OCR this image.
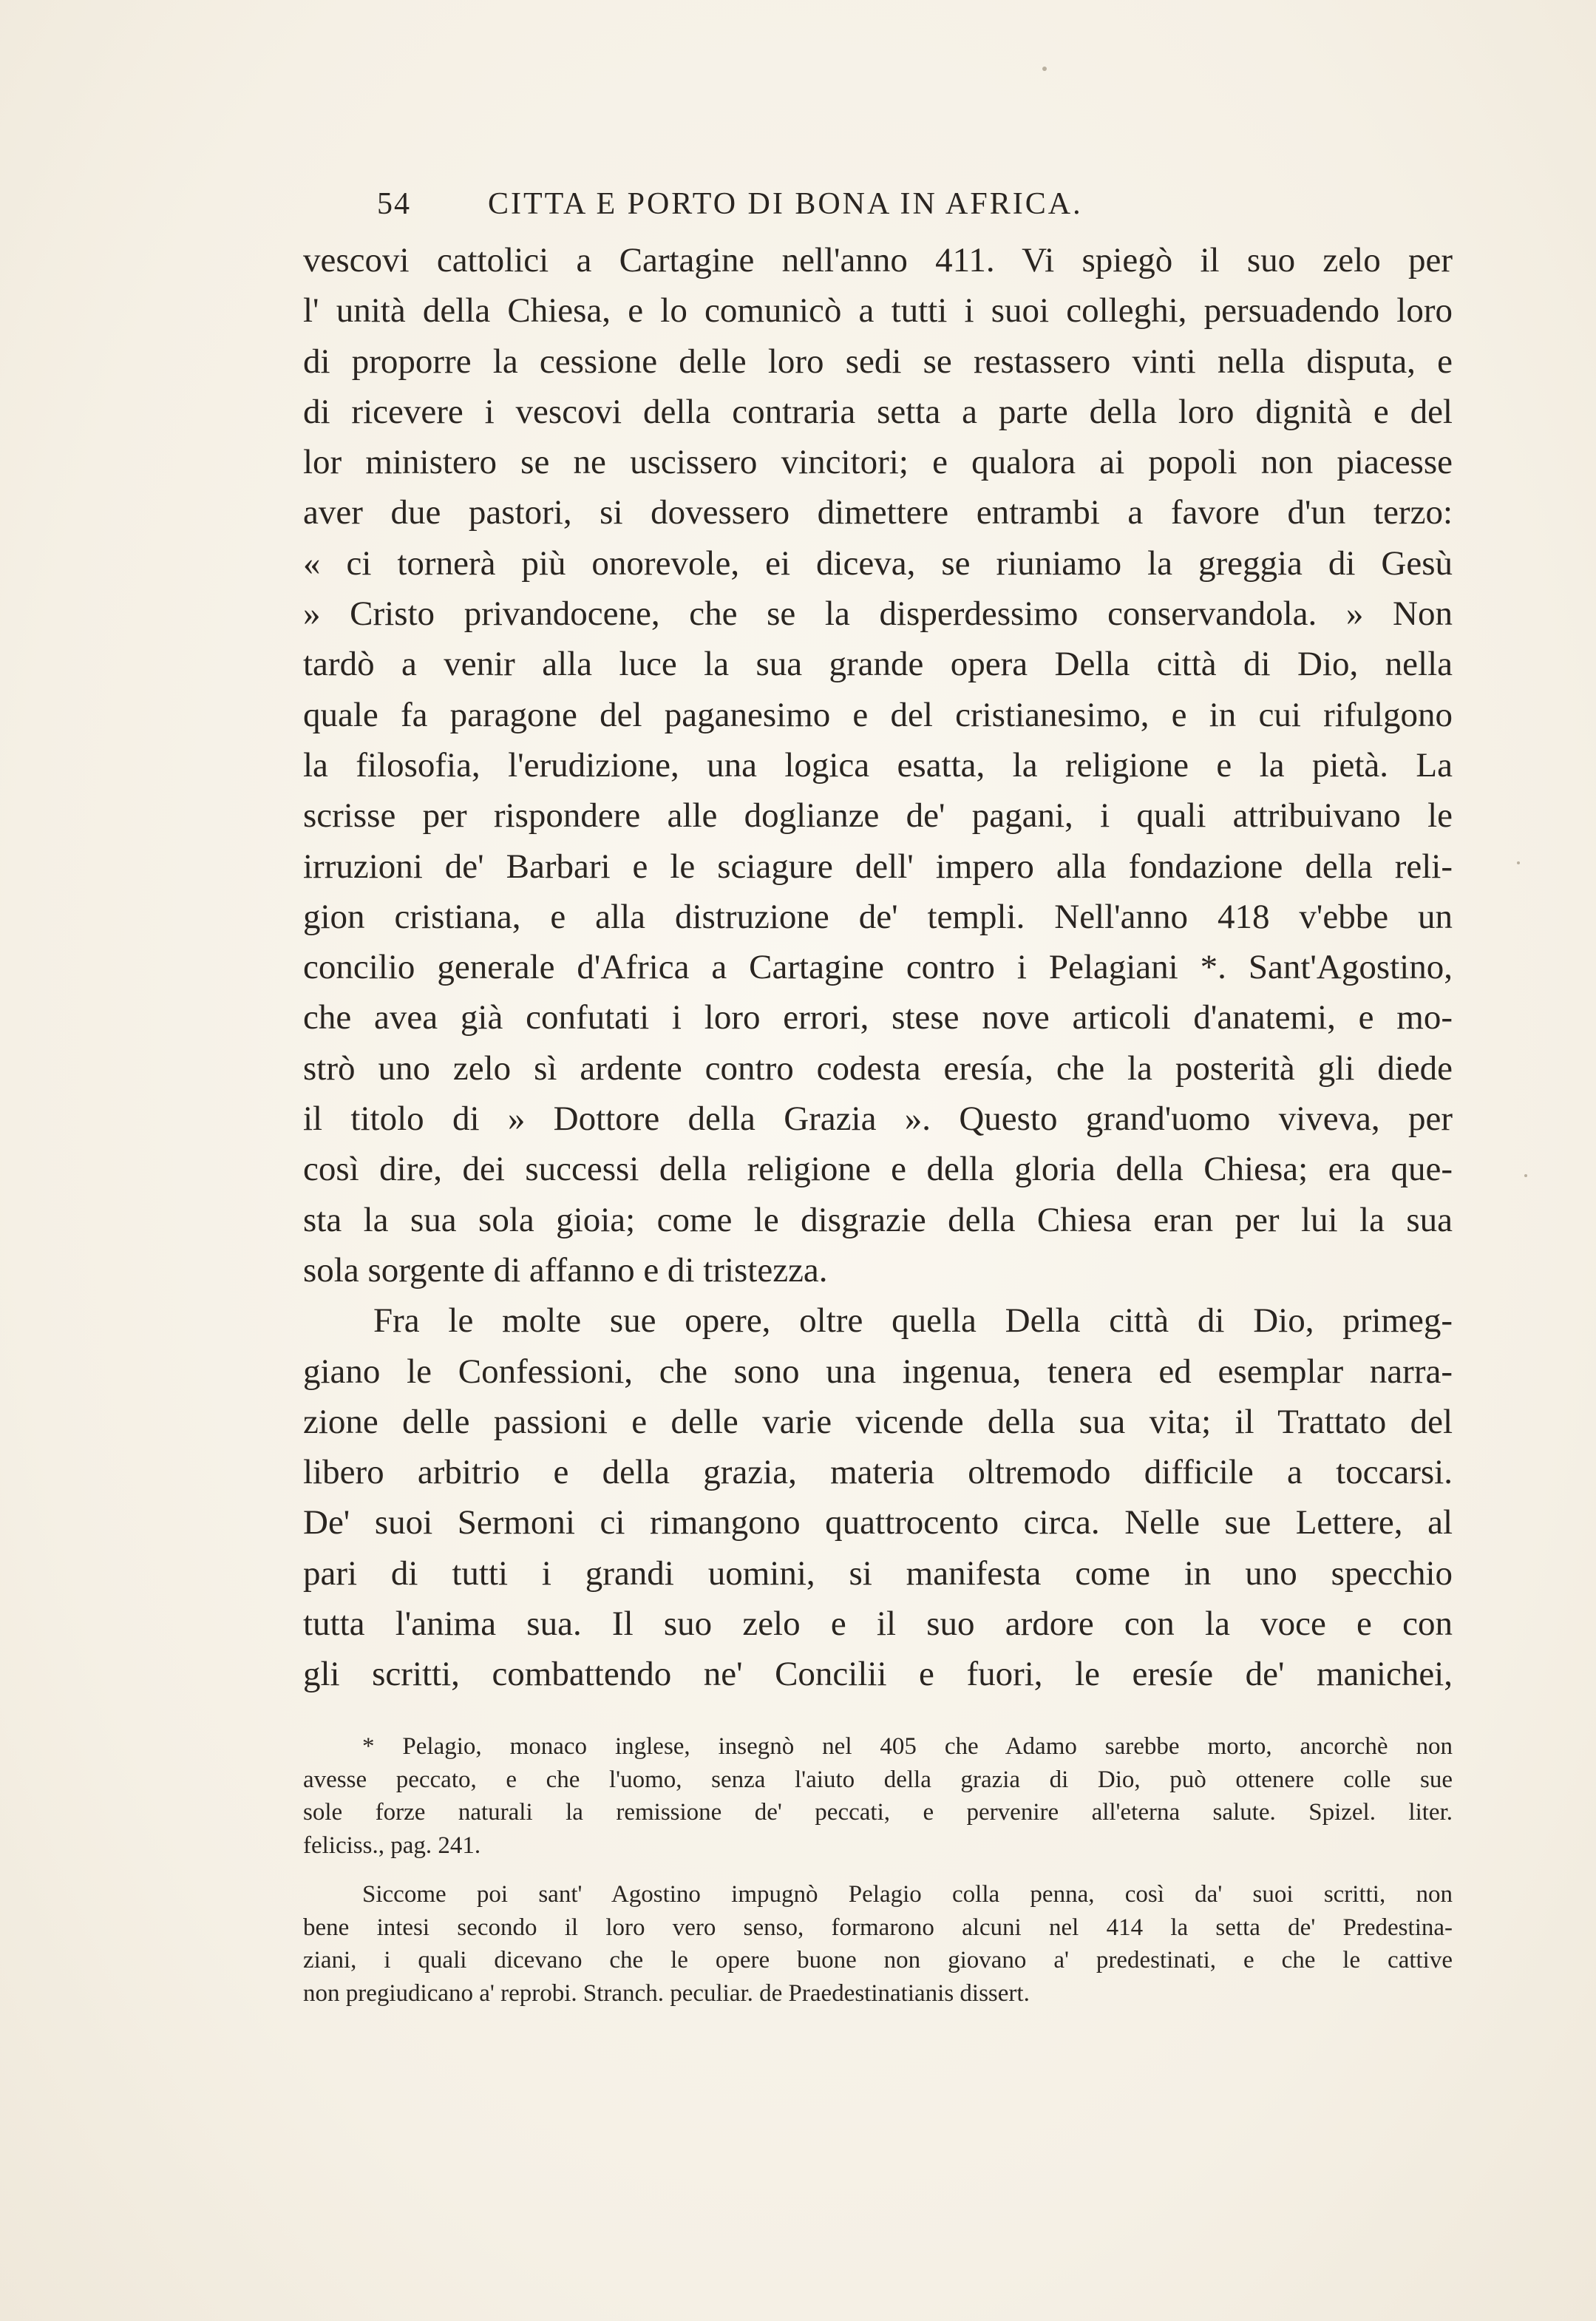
54 CITTA E PORTO DI BONA IN AFRICA.
vescovi cattolici a Cartagine nell'anno 411. Vi spiegò il suo zelo per
l' unità della Chiesa, e lo comunicò a tutti i suoi colleghi, persuadendo loro
di proporre la cessione delle loro sedi se restassero vinti nella disputa, e
di ricevere i vescovi della contraria setta a parte della loro dignità e del
lor ministero se ne uscissero vincitori; e qualora ai popoli non piacesse
aver due pastori, si dovessero dimettere entrambi a favore d'un terzo:
« ci tornerà più onorevole, ei diceva, se riuniamo la greggia di Gesù
» Cristo privandocene, che se la disperdessimo conservandola. » Non
tardò a venir alla luce la sua grande opera Della città di Dio, nella
quale fa paragone del paganesimo e del cristianesimo, e in cui rifulgono
la filosofia, l'erudizione, una logica esatta, la religione e la pietà. La
scrisse per rispondere alle doglianze de' pagani, i quali attribuivano le
irruzioni de' Barbari e le sciagure dell' impero alla fondazione della reli-
gion cristiana, e alla distruzione de' templi. Nell'anno 418 v'ebbe un
concilio generale d'Africa a Cartagine contro i Pelagiani *. Sant'Agostino,
che avea già confutati i loro errori, stese nove articoli d'anatemi, e mo-
strò uno zelo sì ardente contro codesta eresía, che la posterità gli diede
il titolo di » Dottore della Grazia ». Questo grand'uomo viveva, per
così dire, dei successi della religione e della gloria della Chiesa; era que-
sta la sua sola gioia; come le disgrazie della Chiesa eran per lui la sua
sola sorgente di affanno e di tristezza.
Fra le molte sue opere, oltre quella Della città di Dio, primeg-
giano le Confessioni, che sono una ingenua, tenera ed esemplar narra-
zione delle passioni e delle varie vicende della sua vita; il Trattato del
libero arbitrio e della grazia, materia oltremodo difficile a toccarsi.
De' suoi Sermoni ci rimangono quattrocento circa. Nelle sue Lettere, al
pari di tutti i grandi uomini, si manifesta come in uno specchio
tutta l'anima sua. Il suo zelo e il suo ardore con la voce e con
gli scritti, combattendo ne' Concilii e fuori, le eresíe de' manichei,
* Pelagio, monaco inglese, insegnò nel 405 che Adamo sarebbe morto, ancorchè non
avesse peccato, e che l'uomo, senza l'aiuto della grazia di Dio, può ottenere colle sue
sole forze naturali la remissione de' peccati, e pervenire all'eterna salute. Spizel. liter.
feliciss., pag. 241.
Siccome poi sant' Agostino impugnò Pelagio colla penna, così da' suoi scritti, non
bene intesi secondo il loro vero senso, formarono alcuni nel 414 la setta de' Predestina-
ziani, i quali dicevano che le opere buone non giovano a' predestinati, e che le cattive
non pregiudicano a' reprobi. Stranch. peculiar. de Praedestinatianis dissert.
